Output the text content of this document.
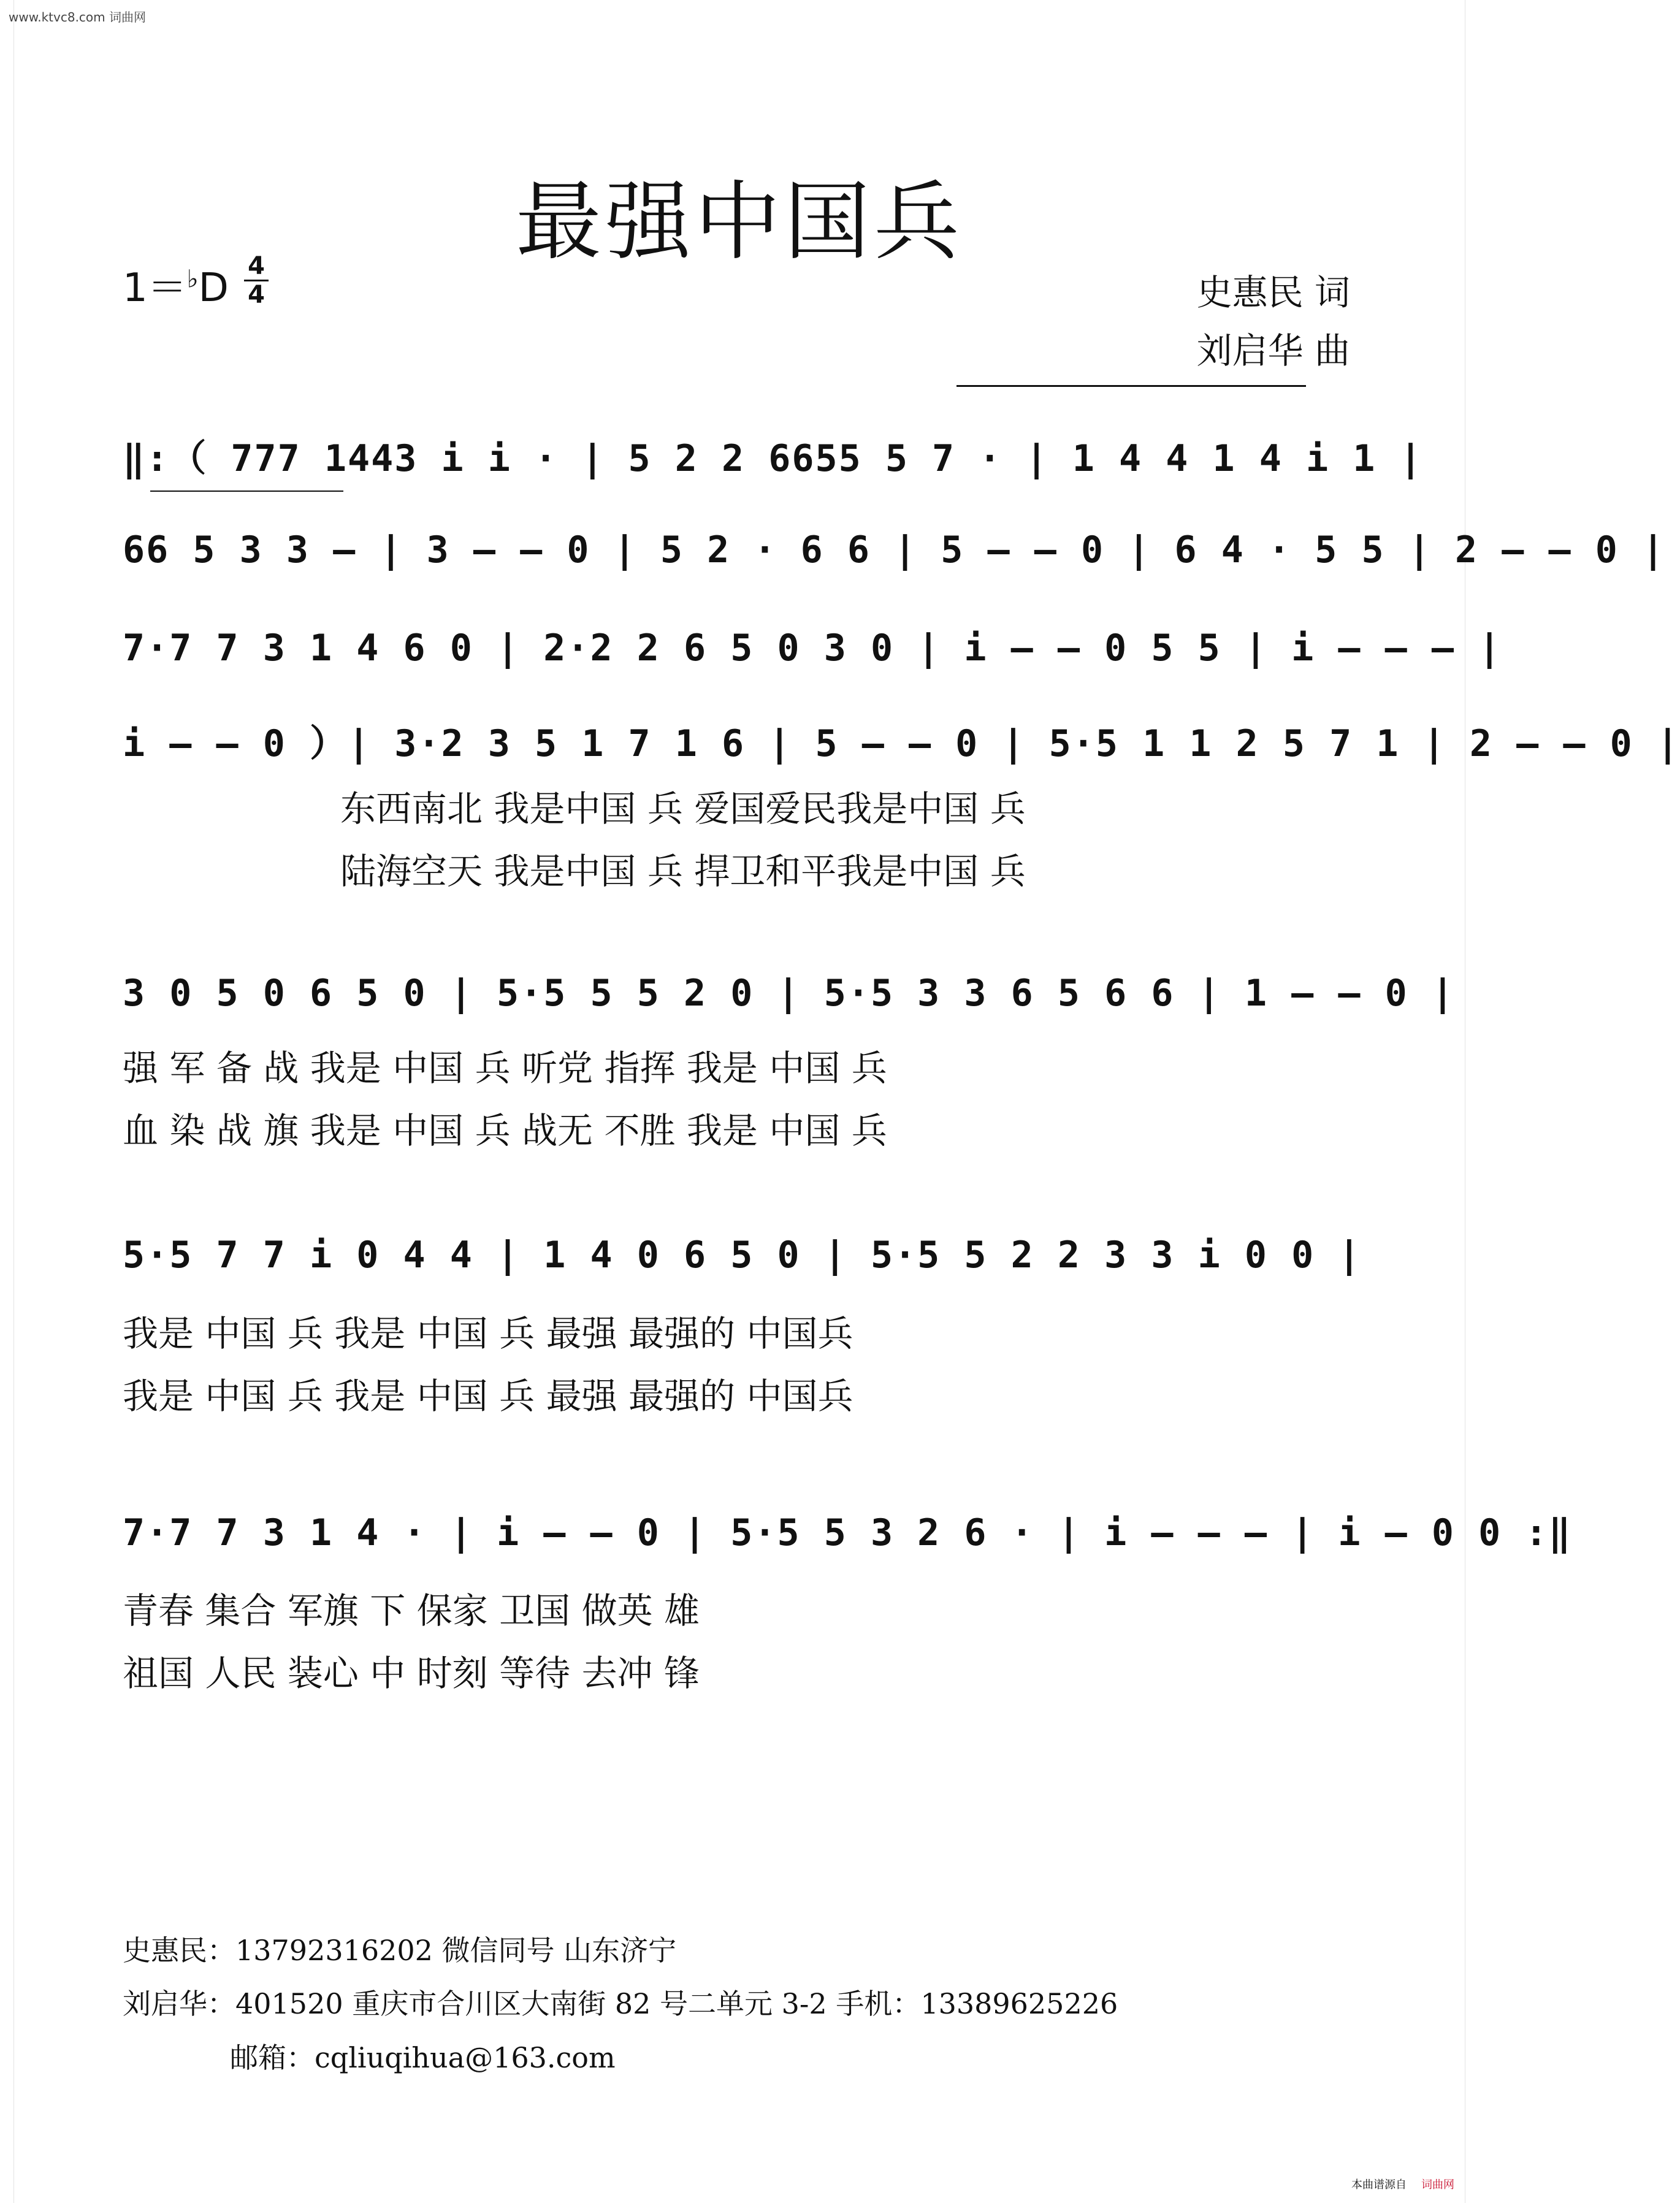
www.ktvc8.com 词曲网
最强中国兵
1＝♭D 4
4	史惠民 词
刘启华 曲
‖:（ 777 1443 i i · | 5 2 2 6655 5 7 · | 1 4 4 1 4 i 1 |
66 5 3 3 – | 3 – – 0 | 5 2 · 6 6 | 5 – – 0 | 6 4 · 5 5 | 2 – – 0 |
7·7 7 3 1 4 6 0 | 2·2 2 6 5 0 3 0 | i – – 0 5 5 | i – – – |
i – – 0 ）| 3·2 3 5 1 7 1 6 | 5 – – 0 | 5·5 1 1 2 5 7 1 | 2 – – 0 |
东西南北 我是中国 兵 爱国爱民我是中国 兵
陆海空天 我是中国 兵 捍卫和平我是中国 兵
3 0 5 0 6 5 0 | 5·5 5 5 2 0 | 5·5 3 3 6 5 6 6 | 1 – – 0 |
强 军 备 战 我是 中国 兵 听党 指挥 我是 中国 兵
血 染 战 旗 我是 中国 兵 战无 不胜 我是 中国 兵
5·5 7 7 i 0 4 4 | 1 4 0 6 5 0 | 5·5 5 2 2 3 3 i 0 0 |
我是 中国 兵 我是 中国 兵 最强 最强的 中国兵
我是 中国 兵 我是 中国 兵 最强 最强的 中国兵
7·7 7 3 1 4 · | i – – 0 | 5·5 5 3 2 6 · | i – – – | i – 0 0 :‖
青春 集合 军旗 下 保家 卫国 做英 雄
祖国 人民 装心 中 时刻 等待 去冲 锋
史惠民：13792316202 微信同号 山东济宁
刘启华：401520 重庆市合川区大南街 82 号二单元 3-2 手机：13389625226
邮箱：cqliuqihua@163.com
本曲谱源自 词曲网
